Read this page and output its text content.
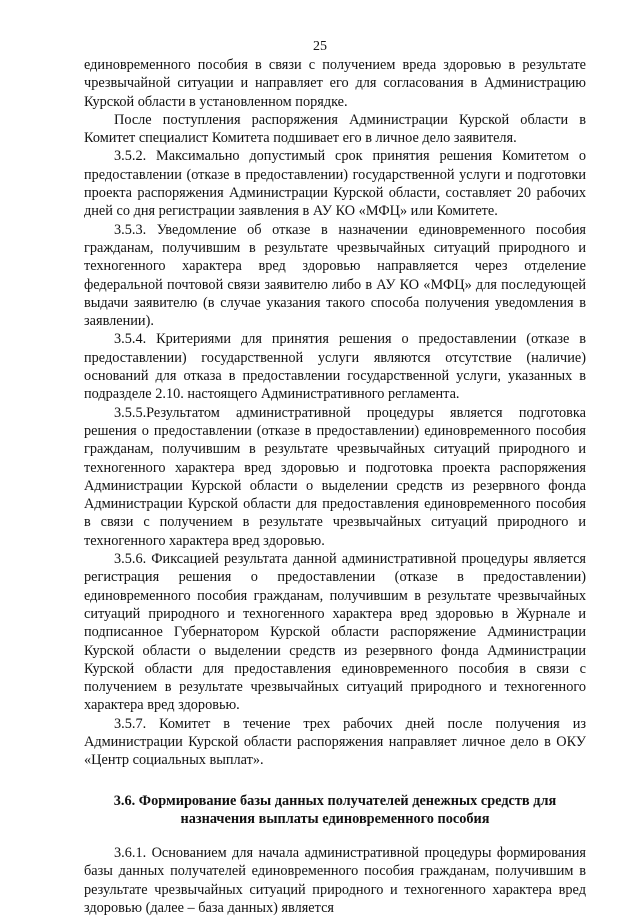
25

единовременного пособия в связи с получением вреда здоровью в результате чрезвычайной ситуации и направляет его для согласования в Администрацию Курской области в установленном порядке.

После поступления распоряжения Администрации Курской области в Комитет специалист Комитета подшивает его в личное дело заявителя.

3.5.2. Максимально допустимый срок принятия решения Комитетом о предоставлении (отказе в предоставлении) государственной услуги и подготовки проекта распоряжения Администрации Курской области, составляет 20 рабочих дней со дня регистрации заявления в АУ КО «МФЦ» или Комитете.

3.5.3. Уведомление об отказе в назначении единовременного пособия гражданам, получившим в результате чрезвычайных ситуаций природного и техногенного характера вред здоровью направляется через отделение федеральной почтовой связи заявителю либо в АУ КО «МФЦ» для последующей выдачи заявителю (в случае указания такого способа получения уведомления в заявлении).

3.5.4. Критериями для принятия решения о предоставлении (отказе в предоставлении) государственной услуги являются отсутствие (наличие) оснований для отказа в предоставлении государственной услуги, указанных в подразделе 2.10. настоящего Административного регламента.

3.5.5.Результатом административной процедуры является подготовка решения о предоставлении (отказе в предоставлении) единовременного пособия гражданам, получившим в результате чрезвычайных ситуаций природного и техногенного характера вред здоровью и подготовка проекта распоряжения Администрации Курской области о выделении средств из резервного фонда Администрации Курской области для предоставления единовременного пособия в связи с получением в результате чрезвычайных ситуаций природного и техногенного характера вред здоровью.

3.5.6. Фиксацией результата данной административной процедуры является регистрация решения о предоставлении (отказе в предоставлении) единовременного пособия гражданам, получившим в результате чрезвычайных ситуаций природного и техногенного характера вред здоровью в Журнале и подписанное Губернатором Курской области распоряжение Администрации Курской области о выделении средств из резервного фонда Администрации Курской области для предоставления единовременного пособия в связи с получением в результате чрезвычайных ситуаций природного и техногенного характера вред здоровью.

3.5.7. Комитет в течение трех рабочих дней после получения из Администрации Курской области распоряжения направляет личное дело в ОКУ «Центр социальных выплат».

3.6. Формирование базы данных получателей денежных средств для назначения выплаты единовременного пособия

3.6.1. Основанием для начала административной процедуры формирования базы данных получателей единовременного пособия гражданам, получившим в результате чрезвычайных ситуаций природного и техногенного характера вред здоровью (далее – база данных) является
